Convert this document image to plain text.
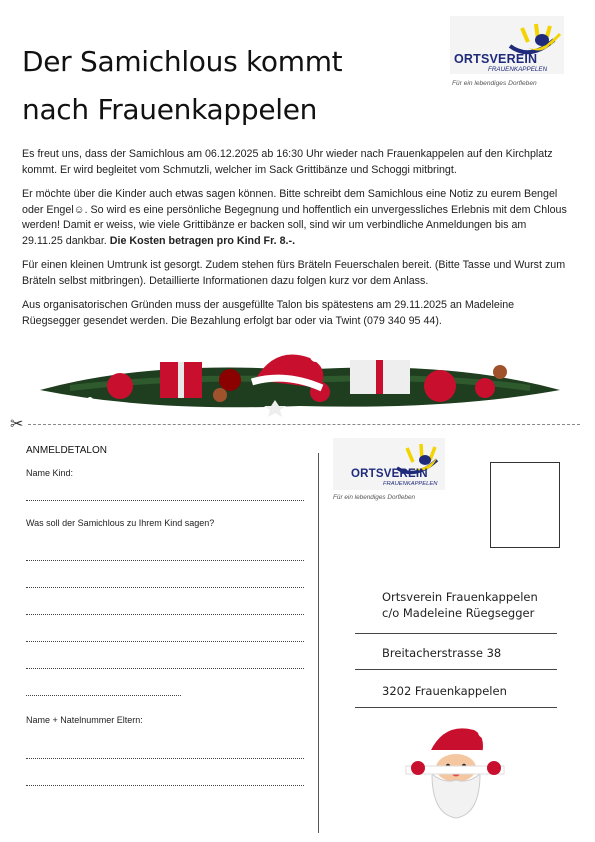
Der Samichlous kommt
nach Frauenkappelen
ORTSVEREIN
FRAUENKAPPELEN
Für ein lebendiges Dorfleben
Es freut uns, dass der Samichlous am 06.12.2025 ab 16:30 Uhr wieder nach Frauenkappelen auf den Kirchplatz kommt. Er wird begleitet vom Schmutzli, welcher im Sack Grittibänze und Schoggi mitbringt.
Er möchte über die Kinder auch etwas sagen können. Bitte schreibt dem Samichlous eine Notiz zu eurem Bengel oder Engel☺. So wird es eine persönliche Begegnung und hoffentlich ein unvergessliches Erlebnis mit dem Chlous werden! Damit er weiss, wie viele Grittibänze er backen soll, sind wir um verbindliche Anmeldungen bis am 29.11.25 dankbar. Die Kosten betragen pro Kind Fr. 8.-.
Für einen kleinen Umtrunk ist gesorgt. Zudem stehen fürs Bräteln Feuerschalen bereit. (Bitte Tasse und Wurst zum Bräteln selbst mitbringen). Detaillierte Informationen dazu folgen kurz vor dem Anlass.
Aus organisatorischen Gründen muss der ausgefüllte Talon bis spätestens am 29.11.2025 an Madeleine Rüegsegger gesendet werden. Die Bezahlung erfolgt bar oder via Twint (079 340 95 44).
✂
ANMELDETALON
Name Kind:
Was soll der Samichlous zu Ihrem Kind sagen?
Name + Natelnummer Eltern:
ORTSVEREIN
FRAUENKAPPELEN
Für ein lebendiges Dorfleben
Ortsverein Frauenkappelen
c/o Madeleine Rüegsegger
Breitacherstrasse 38
3202 Frauenkappelen
